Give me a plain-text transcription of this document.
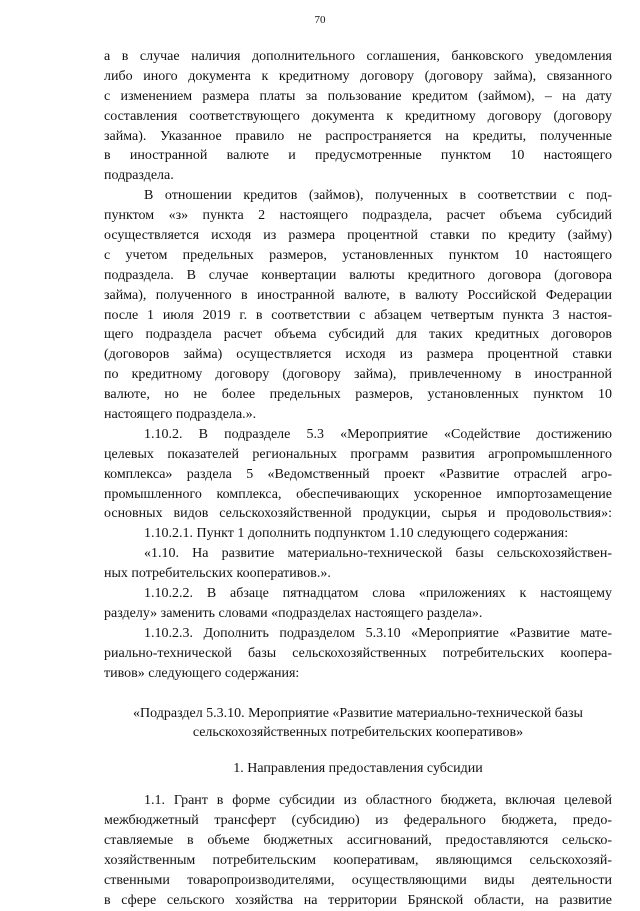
70
а в случае наличия дополнительного соглашения, банковского уведомления
либо иного документа к кредитному договору (договору займа), связанного
с изменением размера платы за пользование кредитом (займом), – на дату
составления соответствующего документа к кредитному договору (договору
займа). Указанное правило не распространяется на кредиты, полученные
в иностранной валюте и предусмотренные пунктом 10 настоящего
подраздела.
В отношении кредитов (займов), полученных в соответствии с под-
пунктом «з» пункта 2 настоящего подраздела, расчет объема субсидий
осуществляется исходя из размера процентной ставки по кредиту (займу)
с учетом предельных размеров, установленных пунктом 10 настоящего
подраздела. В случае конвертации валюты кредитного договора (договора
займа), полученного в иностранной валюте, в валюту Российской Федерации
после 1 июля 2019 г. в соответствии с абзацем четвертым пункта 3 настоя-
щего подраздела расчет объема субсидий для таких кредитных договоров
(договоров займа) осуществляется исходя из размера процентной ставки
по кредитному договору (договору займа), привлеченному в иностранной
валюте, но не более предельных размеров, установленных пунктом 10
настоящего подраздела.».
1.10.2. В подразделе 5.3 «Мероприятие «Содействие достижению
целевых показателей региональных программ развития агропромышленного
комплекса» раздела 5 «Ведомственный проект «Развитие отраслей агро-
промышленного комплекса, обеспечивающих ускоренное импортозамещение
основных видов сельскохозяйственной продукции, сырья и продовольствия»:
1.10.2.1. Пункт 1 дополнить подпунктом 1.10 следующего содержания:
«1.10. На развитие материально-технической базы сельскохозяйствен-
ных потребительских кооперативов.».
1.10.2.2. В абзаце пятнадцатом слова «приложениях к настоящему
разделу» заменить словами «подразделах настоящего раздела».
1.10.2.3. Дополнить подразделом 5.3.10 «Мероприятие «Развитие мате-
риально-технической базы сельскохозяйственных потребительских коопера-
тивов» следующего содержания:
«Подраздел 5.3.10. Мероприятие «Развитие материально-технической базы
сельскохозяйственных потребительских кооперативов»
1. Направления предоставления субсидии
1.1. Грант в форме субсидии из областного бюджета, включая целевой
межбюджетный трансферт (субсидию) из федерального бюджета, предо-
ставляемые в объеме бюджетных ассигнований, предоставляются сельско-
хозяйственным потребительским кооперативам, являющимся сельскохозяй-
ственными товаропроизводителями, осуществляющими виды деятельности
в сфере сельского хозяйства на территории Брянской области, на развитие
